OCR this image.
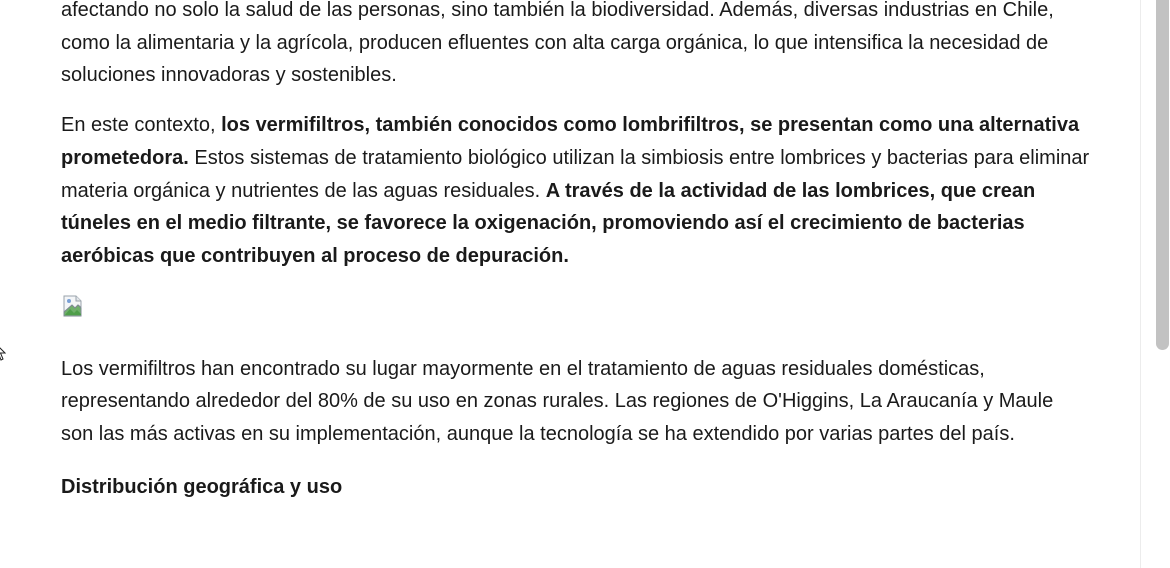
afectando no solo la salud de las personas, sino también la biodiversidad. Además, diversas industrias en Chile, como la alimentaria y la agrícola, producen efluentes con alta carga orgánica, lo que intensifica la necesidad de soluciones innovadoras y sostenibles.

En este contexto, los vermifiltros, también conocidos como lombrifiltros, se presentan como una alternativa prometedora. Estos sistemas de tratamiento biológico utilizan la simbiosis entre lombrices y bacterias para eliminar materia orgánica y nutrientes de las aguas residuales. A través de la actividad de las lombrices, que crean túneles en el medio filtrante, se favorece la oxigenación, promoviendo así el crecimiento de bacterias aeróbicas que contribuyen al proceso de depuración.

Los vermifiltros han encontrado su lugar mayormente en el tratamiento de aguas residuales domésticas, representando alrededor del 80% de su uso en zonas rurales. Las regiones de O'Higgins, La Araucanía y Maule son las más activas en su implementación, aunque la tecnología se ha extendido por varias partes del país.

Distribución geográfica y uso
